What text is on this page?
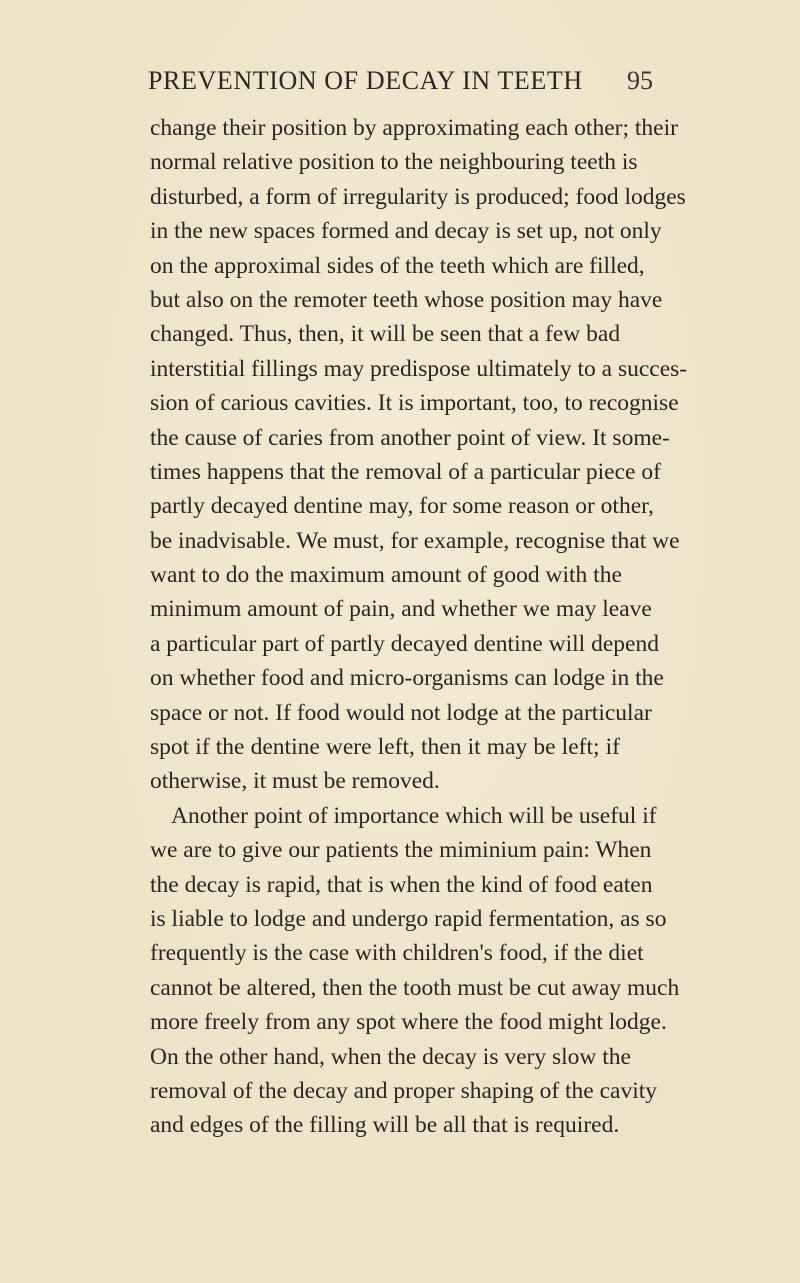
PREVENTION OF DECAY IN TEETH 95
change their position by approximating each other; their
normal relative position to the neighbouring teeth is
disturbed, a form of irregularity is produced; food lodges
in the new spaces formed and decay is set up, not only
on the approximal sides of the teeth which are filled,
but also on the remoter teeth whose position may have
changed. Thus, then, it will be seen that a few bad
interstitial fillings may predispose ultimately to a succes-
sion of carious cavities. It is important, too, to recognise
the cause of caries from another point of view. It some-
times happens that the removal of a particular piece of
partly decayed dentine may, for some reason or other,
be inadvisable. We must, for example, recognise that we
want to do the maximum amount of good with the
minimum amount of pain, and whether we may leave
a particular part of partly decayed dentine will depend
on whether food and micro-organisms can lodge in the
space or not. If food would not lodge at the particular
spot if the dentine were left, then it may be left; if
otherwise, it must be removed.
Another point of importance which will be useful if
we are to give our patients the miminium pain: When
the decay is rapid, that is when the kind of food eaten
is liable to lodge and undergo rapid fermentation, as so
frequently is the case with children's food, if the diet
cannot be altered, then the tooth must be cut away much
more freely from any spot where the food might lodge.
On the other hand, when the decay is very slow the
removal of the decay and proper shaping of the cavity
and edges of the filling will be all that is required.
